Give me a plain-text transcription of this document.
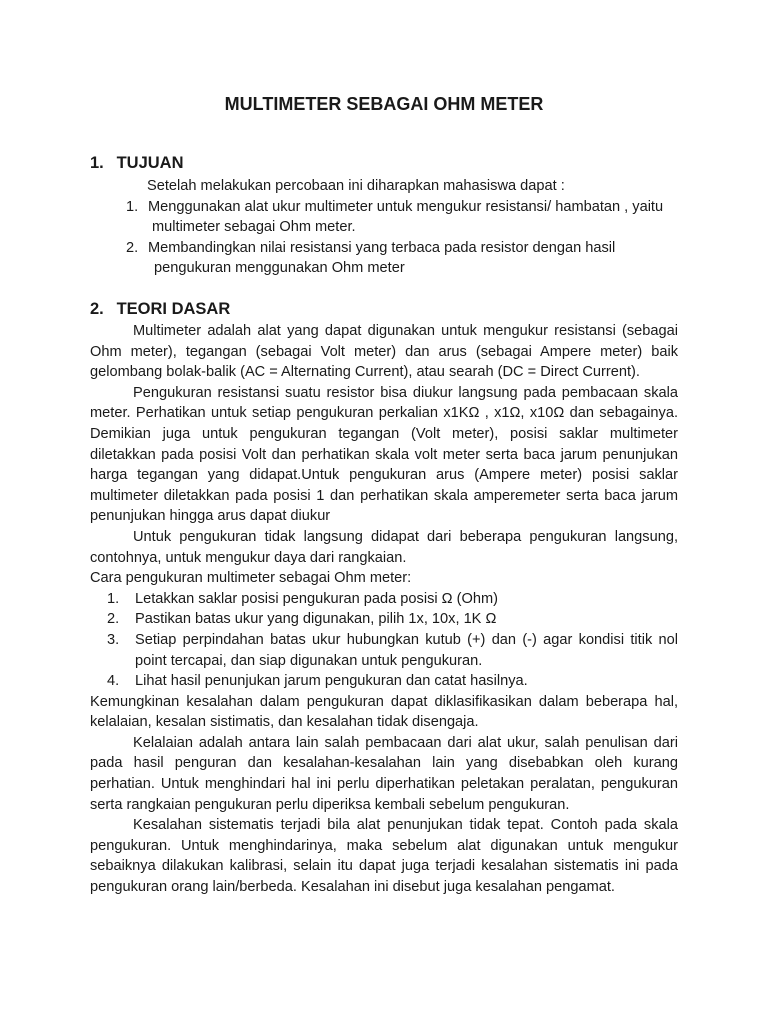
MULTIMETER SEBAGAI OHM METER
1. TUJUAN

Setelah melakukan percobaan ini diharapkan mahasiswa dapat :

1. Menggunakan alat ukur multimeter untuk mengukur resistansi/ hambatan , yaitu
multimeter sebagai Ohm meter.

2. Membandingkan nilai resistansi yang terbaca pada resistor dengan hasil
pengukuran menggunakan Ohm meter

2. TEORI DASAR

Multimeter adalah alat yang dapat digunakan untuk mengukur resistansi (sebagai Ohm meter), tegangan (sebagai Volt meter) dan arus (sebagai Ampere meter) baik gelombang bolak-balik (AC = Alternating Current), atau searah (DC = Direct Current).

Pengukuran resistansi suatu resistor bisa diukur langsung pada pembacaan skala meter. Perhatikan untuk setiap pengukuran perkalian x1KΩ , x1Ω, x10Ω dan sebagainya. Demikian juga untuk pengukuran tegangan (Volt meter), posisi saklar multimeter diletakkan pada posisi Volt dan perhatikan skala volt meter serta baca jarum penunjukan harga tegangan yang didapat.Untuk pengukuran arus (Ampere meter) posisi saklar multimeter diletakkan pada posisi 1 dan perhatikan skala amperemeter serta baca jarum penunjukan hingga arus dapat diukur

Untuk pengukuran tidak langsung didapat dari beberapa pengukuran langsung, contohnya, untuk mengukur daya dari rangkaian.

Cara pengukuran multimeter sebagai Ohm meter:

1. Letakkan saklar posisi pengukuran pada posisi Ω (Ohm)
2. Pastikan batas ukur yang digunakan, pilih 1x, 10x, 1K Ω
3. Setiap perpindahan batas ukur hubungkan kutub (+) dan (-) agar kondisi titik nol point tercapai, dan siap digunakan untuk pengukuran.
4. Lihat hasil penunjukan jarum pengukuran dan catat hasilnya.

Kemungkinan kesalahan dalam pengukuran dapat diklasifikasikan dalam beberapa hal, kelalaian, kesalan sistimatis, dan kesalahan tidak disengaja.

Kelalaian adalah antara lain salah pembacaan dari alat ukur, salah penulisan dari pada hasil penguran dan kesalahan-kesalahan lain yang disebabkan oleh kurang perhatian. Untuk menghindari hal ini perlu diperhatikan peletakan peralatan, pengukuran serta rangkaian pengukuran perlu diperiksa kembali sebelum pengukuran.

Kesalahan sistematis terjadi bila alat penunjukan tidak tepat. Contoh pada skala pengukuran. Untuk menghindarinya, maka sebelum alat digunakan untuk mengukur sebaiknya dilakukan kalibrasi, selain itu dapat juga terjadi kesalahan sistematis ini pada pengukuran orang lain/berbeda. Kesalahan ini disebut juga kesalahan pengamat.
